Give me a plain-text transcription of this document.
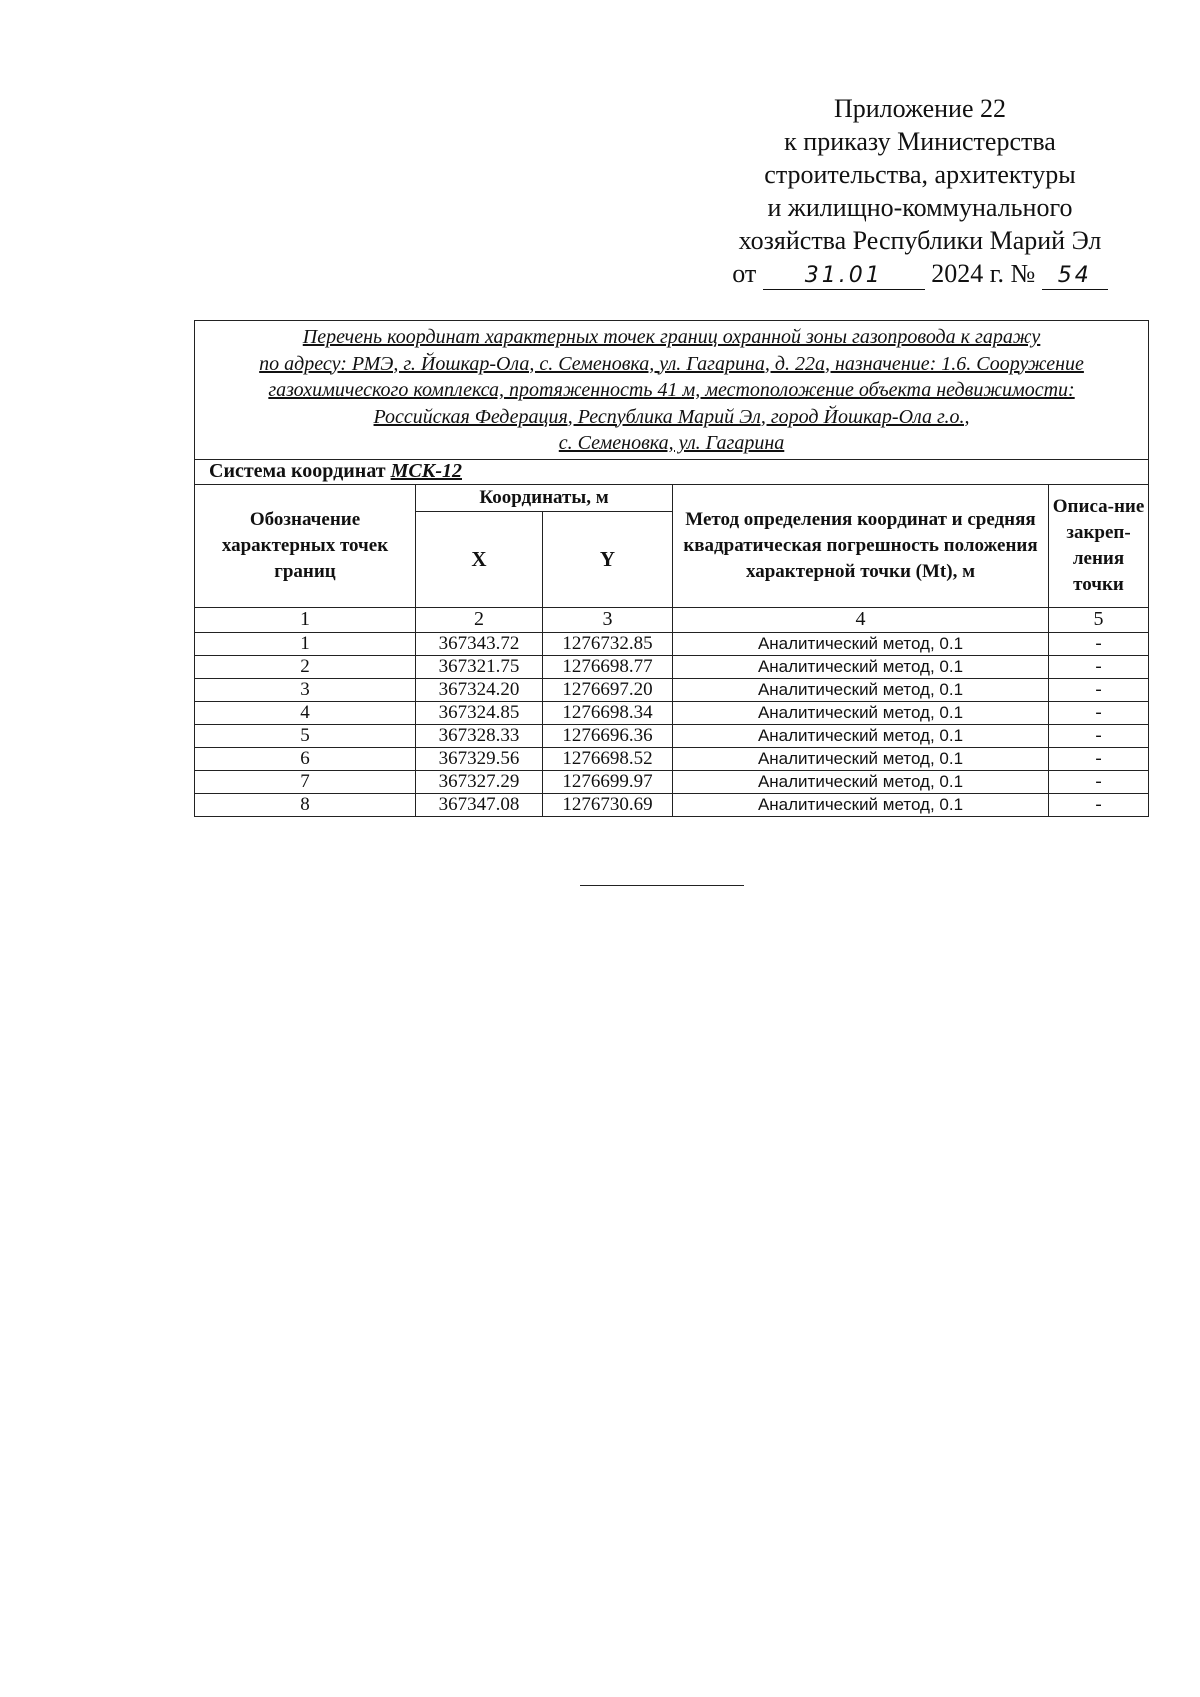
Приложение 22
к приказу Министерства
строительства, архитектуры
и жилищно-коммунального
хозяйства Республики Марий Эл
от 31.01 2024 г. № 54
Перечень координат характерных точек границ охранной зоны газопровода к гаражу
по адресу: РМЭ, г. Йошкар-Ола, с. Семеновка, ул. Гагарина, д. 22а, назначение: 1.6. Сооружение
газохимического комплекса, протяженность 41 м, местоположение объекта недвижимости:
Российская Федерация, Республика Марий Эл, город Йошкар-Ола г.о.,
с. Семеновка, ул. Гагарина				

Система координат МСК-12				
Обозначение характерных точек границ	Координаты, м		Метод определения координат и средняя квадратическая погрешность положения характерной точки (Mt), м	Описа-ние закреп-ления точки
	X	Y		
1	2	3	4	5
1	367343.72	1276732.85	Аналитический метод, 0.1	-
2	367321.75	1276698.77	Аналитический метод, 0.1	-
3	367324.20	1276697.20	Аналитический метод, 0.1	-
4	367324.85	1276698.34	Аналитический метод, 0.1	-
5	367328.33	1276696.36	Аналитический метод, 0.1	-
6	367329.56	1276698.52	Аналитический метод, 0.1	-
7	367327.29	1276699.97	Аналитический метод, 0.1	-
8	367347.08	1276730.69	Аналитический метод, 0.1	-
